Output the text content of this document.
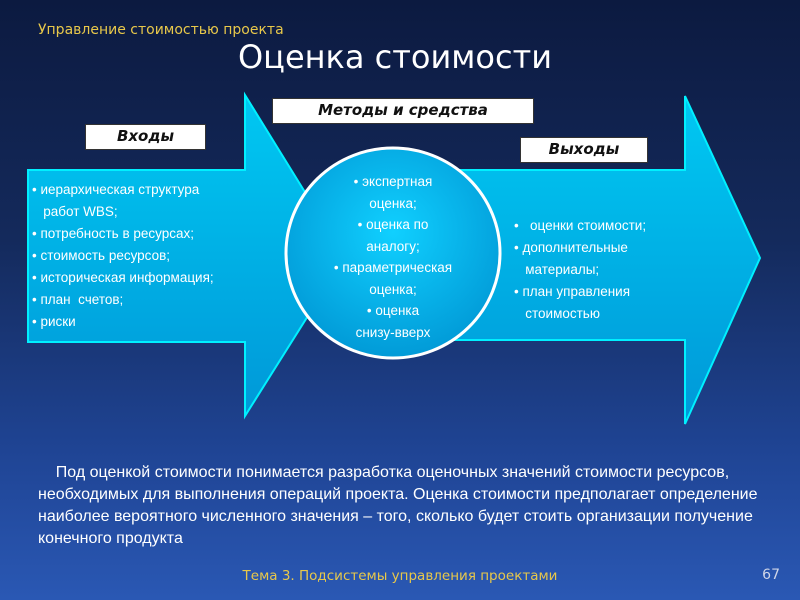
Управление стоимостью проекта
Оценка стоимости
Методы и средства
Входы
Выходы
• иерархическая структура
работ WBS;
• потребность в ресурсах;
• стоимость ресурсов;
• историческая информация;
• план  счетов;
• риски
• экспертная
оценка;
• оценка по
аналогу;
• параметрическая
оценка;
• оценка
снизу-вверх
•   оценки стоимости;
• дополнительные
материалы;
• план управления
стоимостью
Под оценкой стоимости понимается разработка оценочных значений стоимости ресурсов, необходимых для выполнения операций проекта. Оценка стоимости предполагает определение наиболее вероятного численного значения – того, сколько будет стоить организации получение конечного продукта
Тема 3. Подсистемы управления проектами	67
